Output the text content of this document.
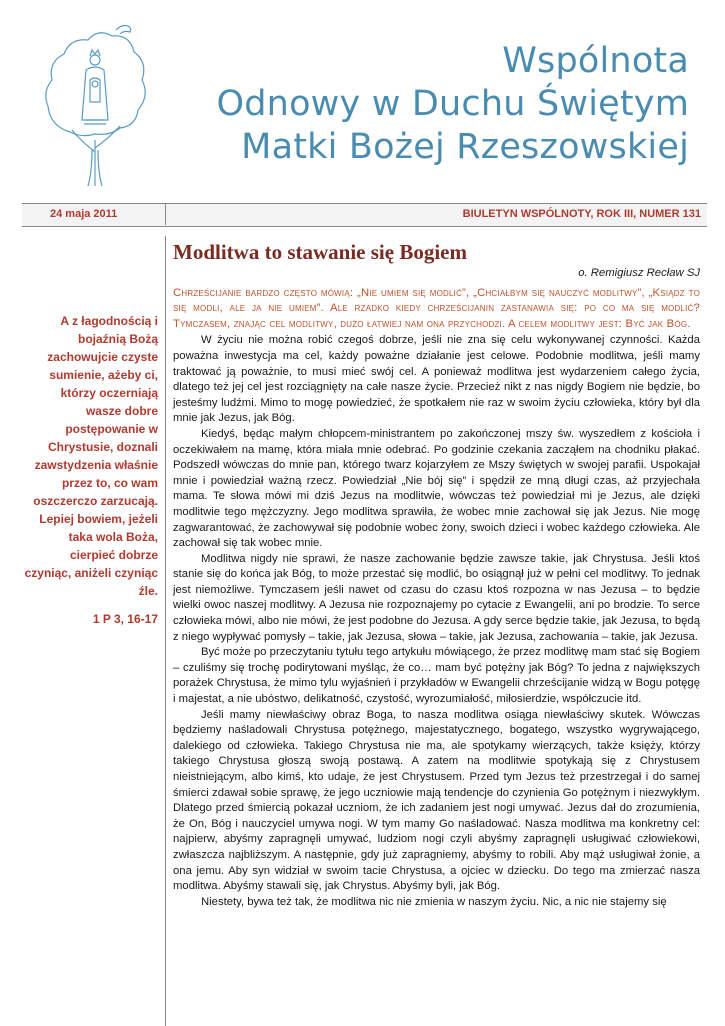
Wspólnota
Odnowy w Duchu Świętym
Matki Bożej Rzeszowskiej
24 maja 2011	BIULETYN WSPÓLNOTY, ROK III, NUMER 131
A z łagodnością i bojaźnią Bożą zachowujcie czyste sumienie, ażeby ci, którzy oczerniają wasze dobre postępowanie w Chrystusie, doznali zawstydzenia właśnie przez to, co wam oszczerczo zarzucają. Lepiej bowiem, jeżeli taka wola Boża, cierpieć dobrze czyniąc, aniżeli czyniąc źle.
1 P 3, 16-17
Modlitwa to stawanie się Bogiem
o. Remigiusz Recław SJ
Chrześcijanie bardzo często mówią: „Nie umiem się modlić”, „Chciałbym się nauczyć modlitwy”, „Ksiądz to się modli, ale ja nie umiem”. Ale rzadko kiedy chrześcijanin zastanawia się: po co ma się modlić? Tymczasem, znając cel modlitwy, dużo łatwiej nam ona przychodzi. A celem modlitwy jest: Być jak Bóg.

W życiu nie można robić czegoś dobrze, jeśli nie zna się celu wykonywanej czynności. Każda poważna inwestycja ma cel, każdy poważne działanie jest celowe. Podobnie modlitwa, jeśli mamy traktować ją poważnie, to musi mieć swój cel. A ponieważ modlitwa jest wydarzeniem całego życia, dlatego też jej cel jest rozciągnięty na całe nasze życie. Przecież nikt z nas nigdy Bogiem nie będzie, bo jesteśmy ludźmi. Mimo to mogę powiedzieć, że spotkałem nie raz w swoim życiu człowieka, który był dla mnie jak Jezus, jak Bóg.

Kiedyś, będąc małym chłopcem-ministrantem po zakończonej mszy św. wyszedłem z kościoła i oczekiwałem na mamę, która miała mnie odebrać. Po godzinie czekania zacząłem na chodniku płakać. Podszedł wówczas do mnie pan, którego twarz kojarzyłem ze Mszy świętych w swojej parafii. Uspokajał mnie i powiedział ważną rzecz. Powiedział „Nie bój się” i spędził ze mną długi czas, aż przyjechała mama. Te słowa mówi mi dziś Jezus na modlitwie, wówczas też powiedział mi je Jezus, ale dzięki modlitwie tego mężczyzny. Jego modlitwa sprawiła, że wobec mnie zachował się jak Jezus. Nie mogę zagwarantować, że zachowywał się podobnie wobec żony, swoich dzieci i wobec każdego człowieka. Ale zachował się tak wobec mnie.

Modlitwa nigdy nie sprawi, że nasze zachowanie będzie zawsze takie, jak Chrystusa. Jeśli ktoś stanie się do końca jak Bóg, to może przestać się modlić, bo osiągnął już w pełni cel modlitwy. To jednak jest niemożliwe. Tymczasem jeśli nawet od czasu do czasu ktoś rozpozna w nas Jezusa – to będzie wielki owoc naszej modlitwy. A Jezusa nie rozpoznajemy po cytacie z Ewangelii, ani po brodzie. To serce człowieka mówi, albo nie mówi, że jest podobne do Jezusa. A gdy serce będzie takie, jak Jezusa, to będą z niego wypływać pomysły – takie, jak Jezusa, słowa – takie, jak Jezusa, zachowania – takie, jak Jezusa.

Być może po przeczytaniu tytułu tego artykułu mówiącego, że przez modlitwę mam stać się Bogiem – czuliśmy się trochę podirytowani myśląc, że co… mam być potężny jak Bóg? To jedna z największych porażek Chrystusa, że mimo tylu wyjaśnień i przykładów w Ewangelii chrześcijanie widzą w Bogu potęgę i majestat, a nie ubóstwo, delikatność, czystość, wyrozumiałość, miłosierdzie, współczucie itd.

Jeśli mamy niewłaściwy obraz Boga, to nasza modlitwa osiąga niewłaściwy skutek. Wówczas będziemy naśladowali Chrystusa potężnego, majestatycznego, bogatego, wszystko wygrywającego, dalekiego od człowieka. Takiego Chrystusa nie ma, ale spotykamy wierzących, także księży, którzy takiego Chrystusa głoszą swoją postawą. A zatem na modlitwie spotykają się z Chrystusem nieistniejącym, albo kimś, kto udaje, że jest Chrystusem. Przed tym Jezus też przestrzegał i do samej śmierci zdawał sobie sprawę, że jego uczniowie mają tendencje do czynienia Go potężnym i niezwykłym. Dlatego przed śmiercią pokazał uczniom, że ich zadaniem jest nogi umywać. Jezus dał do zrozumienia, że On, Bóg i nauczyciel umywa nogi. W tym mamy Go naśladować. Nasza modlitwa ma konkretny cel: najpierw, abyśmy zapragnęli umywać, ludziom nogi czyli abyśmy zapragnęli usługiwać człowiekowi, zwłaszcza najbliższym. A następnie, gdy już zapragniemy, abyśmy to robili. Aby mąż usługiwał żonie, a ona jemu. Aby syn widział w swoim tacie Chrystusa, a ojciec w dziecku. Do tego ma zmierzać nasza modlitwa. Abyśmy stawali się, jak Chrystus. Abyśmy byli, jak Bóg.

Niestety, bywa też tak, że modlitwa nic nie zmienia w naszym życiu. Nic, a nic nie stajemy się
